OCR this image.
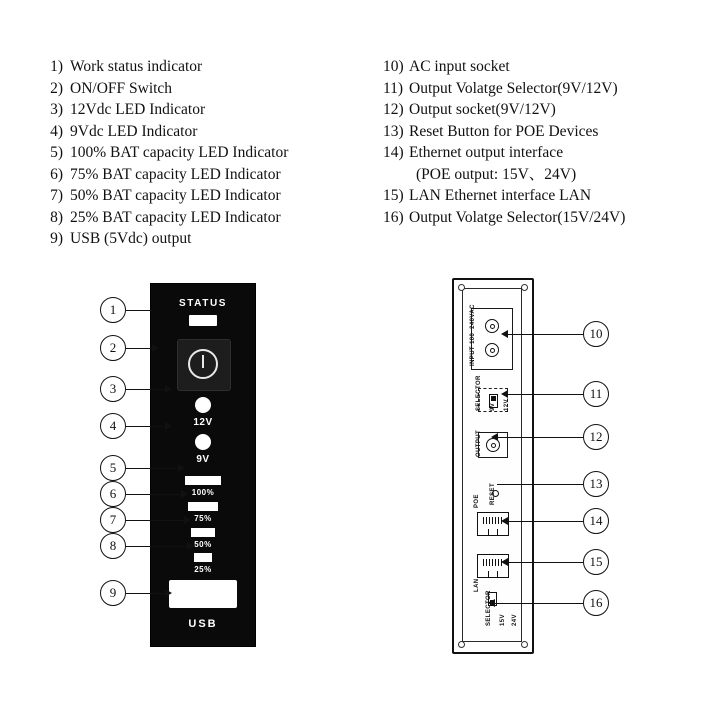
1) Work status indicator
2) ON/OFF Switch
3) 12Vdc LED Indicator
4) 9Vdc LED Indicator
5) 100% BAT capacity LED Indicator
6) 75% BAT capacity LED Indicator
7) 50% BAT capacity LED Indicator
8) 25% BAT capacity LED Indicator
9) USB (5Vdc) output
10) AC input socket
11) Output Volatge Selector(9V/12V)
12) Output socket(9V/12V)
13) Reset Button for POE Devices
14) Ethernet output interface
(POE output: 15V、24V)
15) LAN Ethernet interface LAN
16) Output Volatge Selector(15V/24V)
STATUS
12V
9V
100%
75%
50%
25%
USB
INPUT 100~240VAC
SELECTOR 9V 12V
OUTPUT
RESET
POE
LAN
SELECTOR 15V 24V
1
2
3
4
5
6
7
8
9
10
11
12
13
14
15
16
